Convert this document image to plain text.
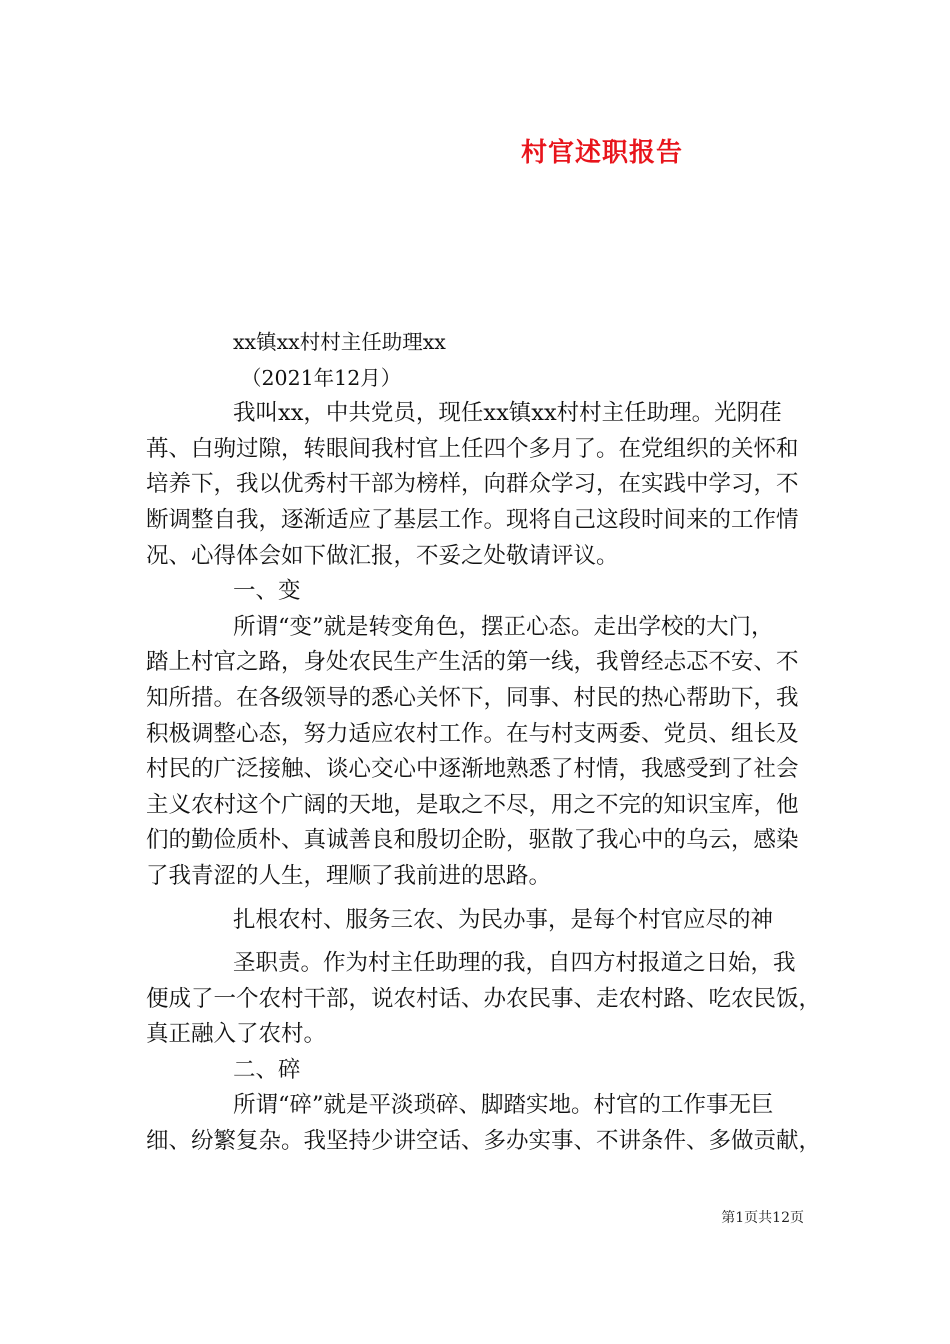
村官述职报告
xx镇xx村村主任助理xx
（2021年12月）
我叫xx，中共党员，现任xx镇xx村村主任助理。光阴荏
苒、白驹过隙，转眼间我村官上任四个多月了。在党组织的关怀和
培养下，我以优秀村干部为榜样，向群众学习，在实践中学习，不
断调整自我，逐渐适应了基层工作。现将自己这段时间来的工作情
况、心得体会如下做汇报，不妥之处敬请评议。
一、变
所谓“变”就是转变角色，摆正心态。走出学校的大门，
踏上村官之路，身处农民生产生活的第一线，我曾经忐忑不安、不
知所措。在各级领导的悉心关怀下，同事、村民的热心帮助下，我
积极调整心态，努力适应农村工作。在与村支两委、党员、组长及
村民的广泛接触、谈心交心中逐渐地熟悉了村情，我感受到了社会
主义农村这个广阔的天地，是取之不尽，用之不完的知识宝库，他
们的勤俭质朴、真诚善良和殷切企盼，驱散了我心中的乌云，感染
了我青涩的人生，理顺了我前进的思路。
扎根农村、服务三农、为民办事，是每个村官应尽的神
圣职责。作为村主任助理的我，自四方村报道之日始，我
便成了一个农村干部，说农村话、办农民事、走农村路、吃农民饭，
真正融入了农村。
二、碎
所谓“碎”就是平淡琐碎、脚踏实地。村官的工作事无巨
细、纷繁复杂。我坚持少讲空话、多办实事、不讲条件、多做贡献，
第1页共12页
